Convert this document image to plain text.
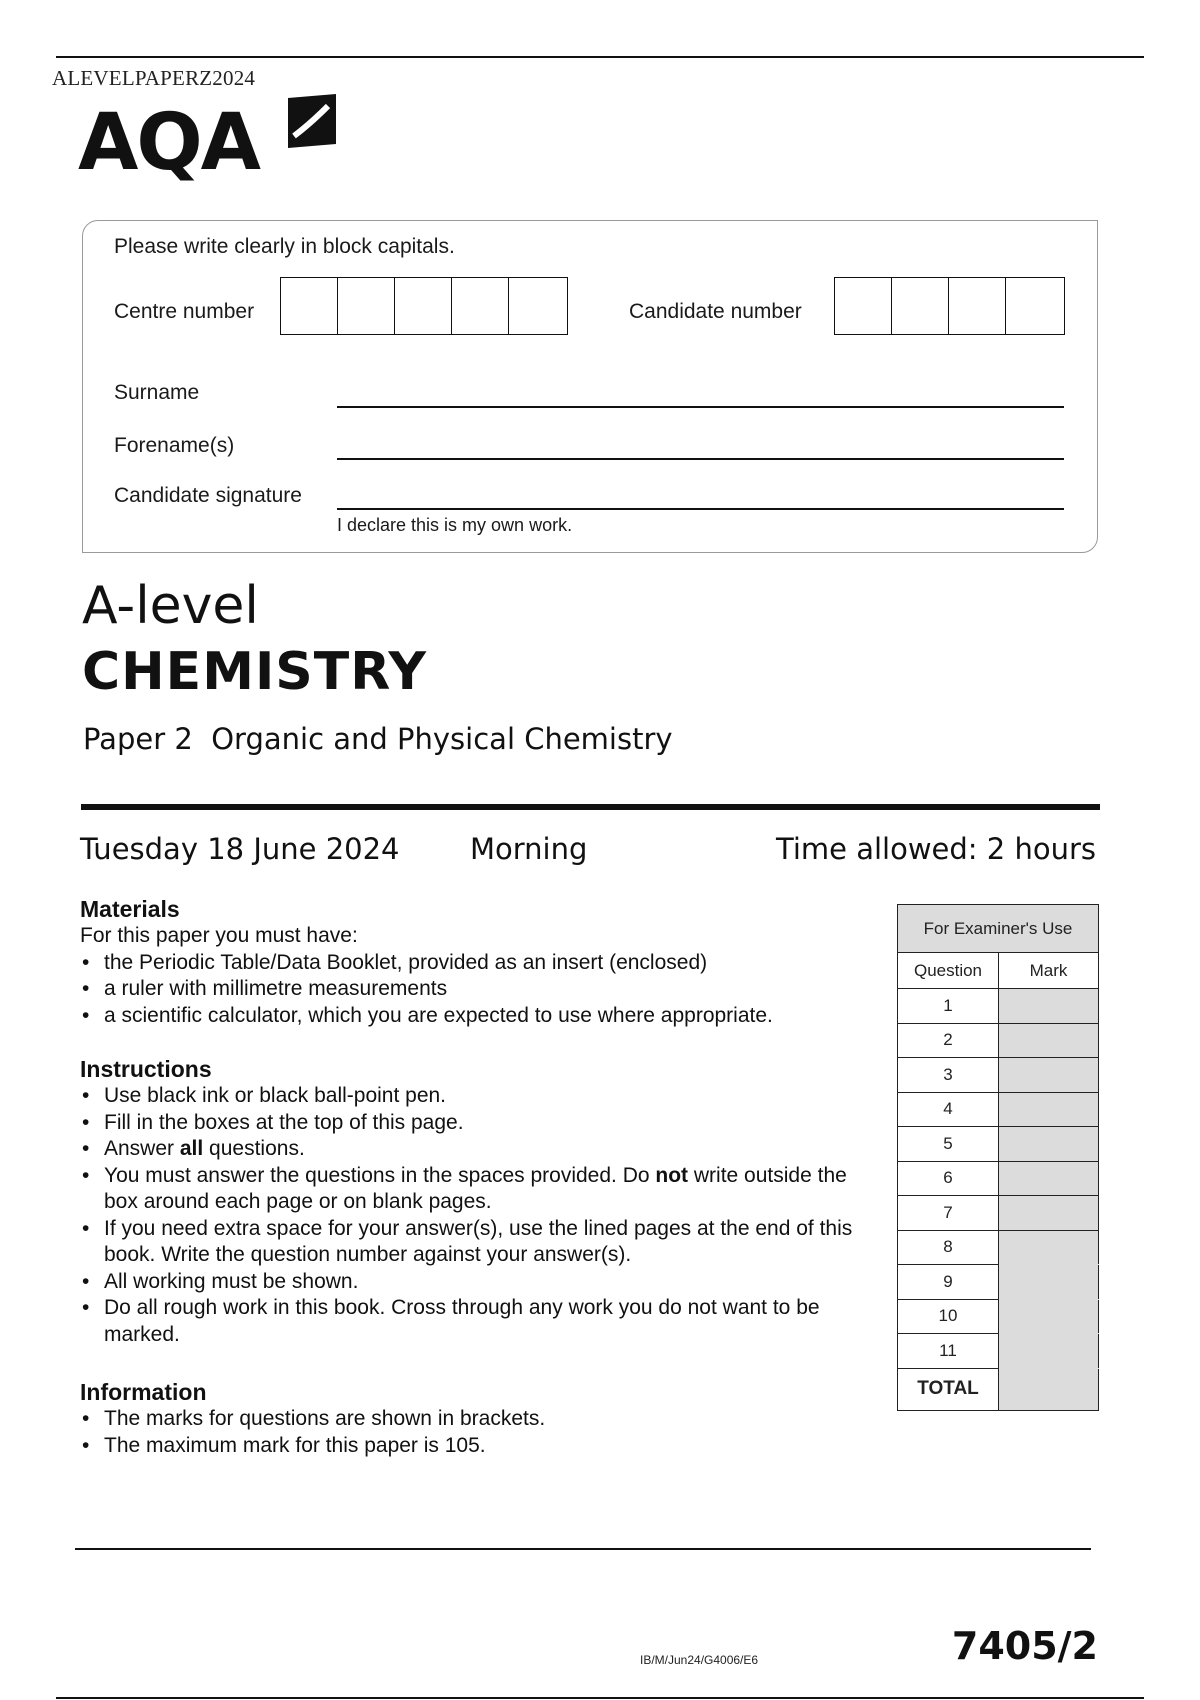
ALEVELPAPERZ2024
AQA
Please write clearly in block capitals.
Centre number	Candidate number
Surname
Forename(s)
Candidate signature
I declare this is my own work.
A-level
CHEMISTRY
Paper 2  Organic and Physical Chemistry
Tuesday 18 June 2024 Morning	Time allowed: 2 hours
Materials
For this paper you must have:
• the Periodic Table/Data Booklet, provided as an insert (enclosed)
• a ruler with millimetre measurements
• a scientific calculator, which you are expected to use where appropriate.
Instructions
• Use black ink or black ball-point pen.
• Fill in the boxes at the top of this page.
• Answer all questions.
• You must answer the questions in the spaces provided. Do not write outside the box around each page or on blank pages.
• If you need extra space for your answer(s), use the lined pages at the end of this book. Write the question number against your answer(s).
• All working must be shown.
• Do all rough work in this book. Cross through any work you do not want to be marked.
Information
• The marks for questions are shown in brackets.
• The maximum mark for this paper is 105.
For Examiner's Use	
Question	Mark
1	
2	
3	
4	
5	
6	
7	
8	
9	
10	
11	
TOTAL	
IB/M/Jun24/G4006/E6	7405/2
